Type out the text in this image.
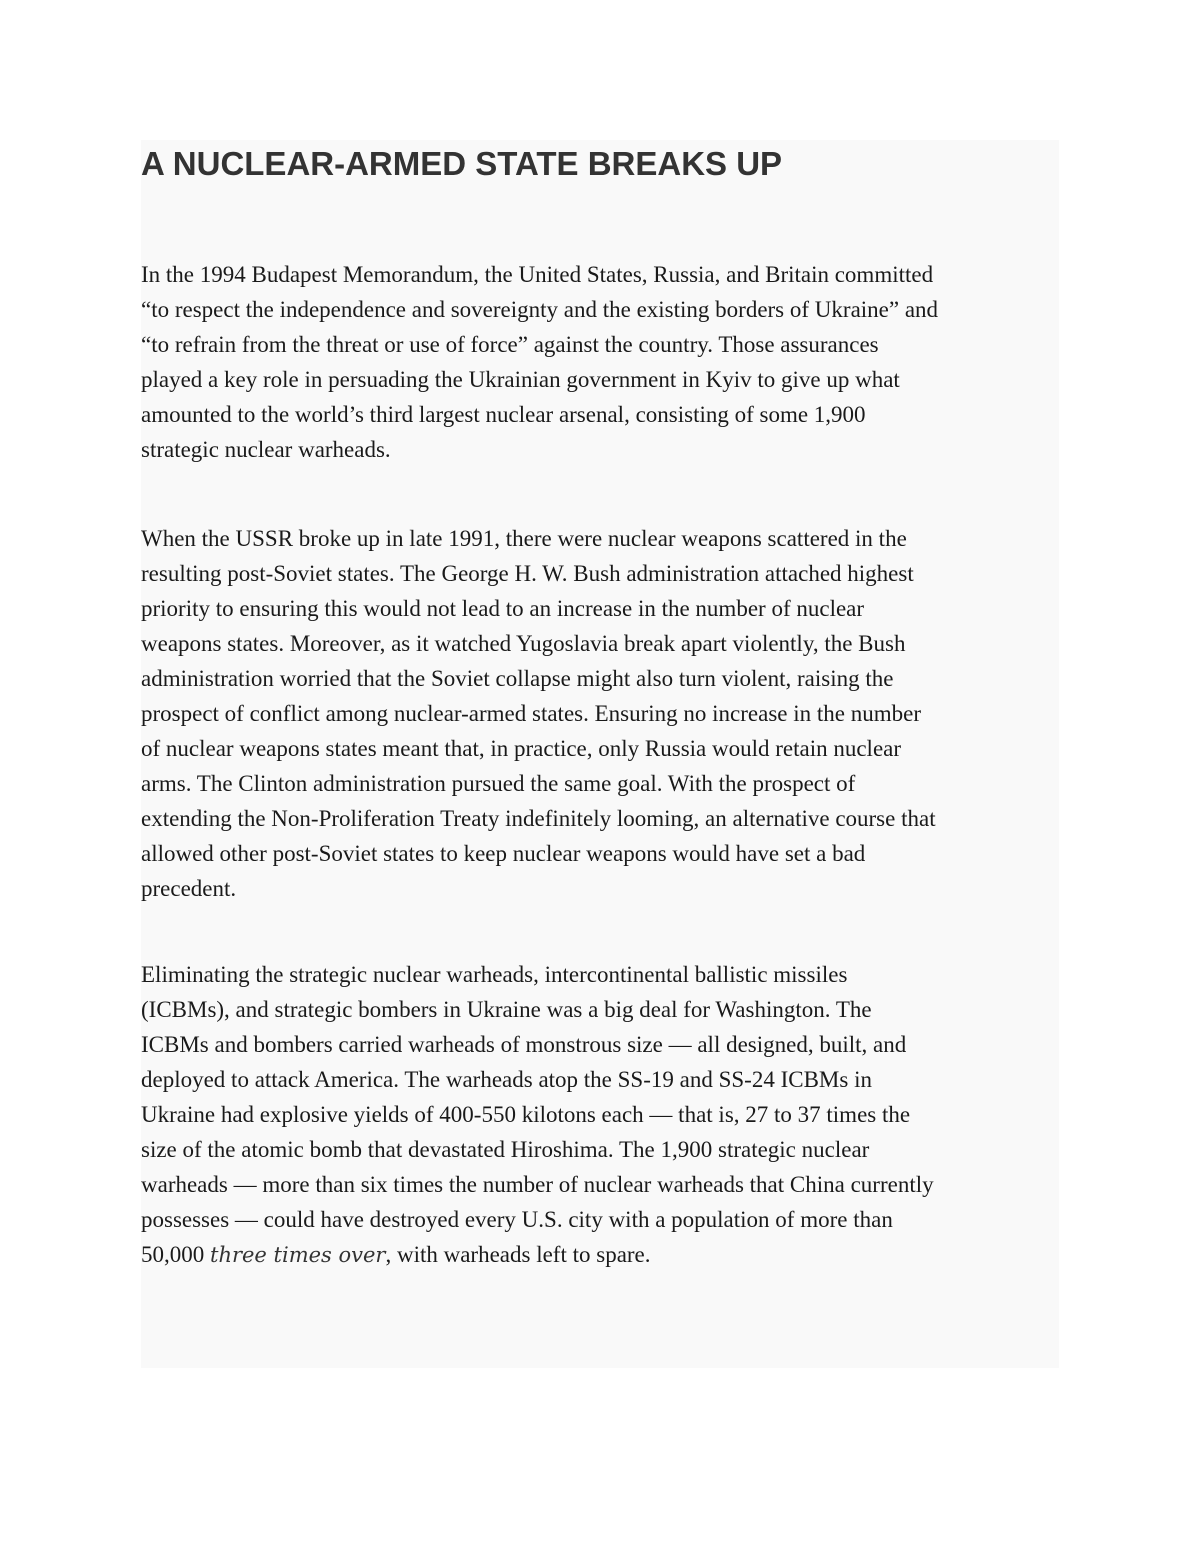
A NUCLEAR-ARMED STATE BREAKS UP

In the 1994 Budapest Memorandum, the United States, Russia, and Britain committed
“to respect the independence and sovereignty and the existing borders of Ukraine” and
“to refrain from the threat or use of force” against the country. Those assurances
played a key role in persuading the Ukrainian government in Kyiv to give up what
amounted to the world’s third largest nuclear arsenal, consisting of some 1,900
strategic nuclear warheads.

When the USSR broke up in late 1991, there were nuclear weapons scattered in the
resulting post-Soviet states. The George H. W. Bush administration attached highest
priority to ensuring this would not lead to an increase in the number of nuclear
weapons states. Moreover, as it watched Yugoslavia break apart violently, the Bush
administration worried that the Soviet collapse might also turn violent, raising the
prospect of conflict among nuclear-armed states. Ensuring no increase in the number
of nuclear weapons states meant that, in practice, only Russia would retain nuclear
arms. The Clinton administration pursued the same goal. With the prospect of
extending the Non-Proliferation Treaty indefinitely looming, an alternative course that
allowed other post-Soviet states to keep nuclear weapons would have set a bad
precedent.

Eliminating the strategic nuclear warheads, intercontinental ballistic missiles
(ICBMs), and strategic bombers in Ukraine was a big deal for Washington. The
ICBMs and bombers carried warheads of monstrous size — all designed, built, and
deployed to attack America. The warheads atop the SS-19 and SS-24 ICBMs in
Ukraine had explosive yields of 400-550 kilotons each — that is, 27 to 37 times the
size of the atomic bomb that devastated Hiroshima. The 1,900 strategic nuclear
warheads — more than six times the number of nuclear warheads that China currently
possesses — could have destroyed every U.S. city with a population of more than
50,000 three times over, with warheads left to spare.
